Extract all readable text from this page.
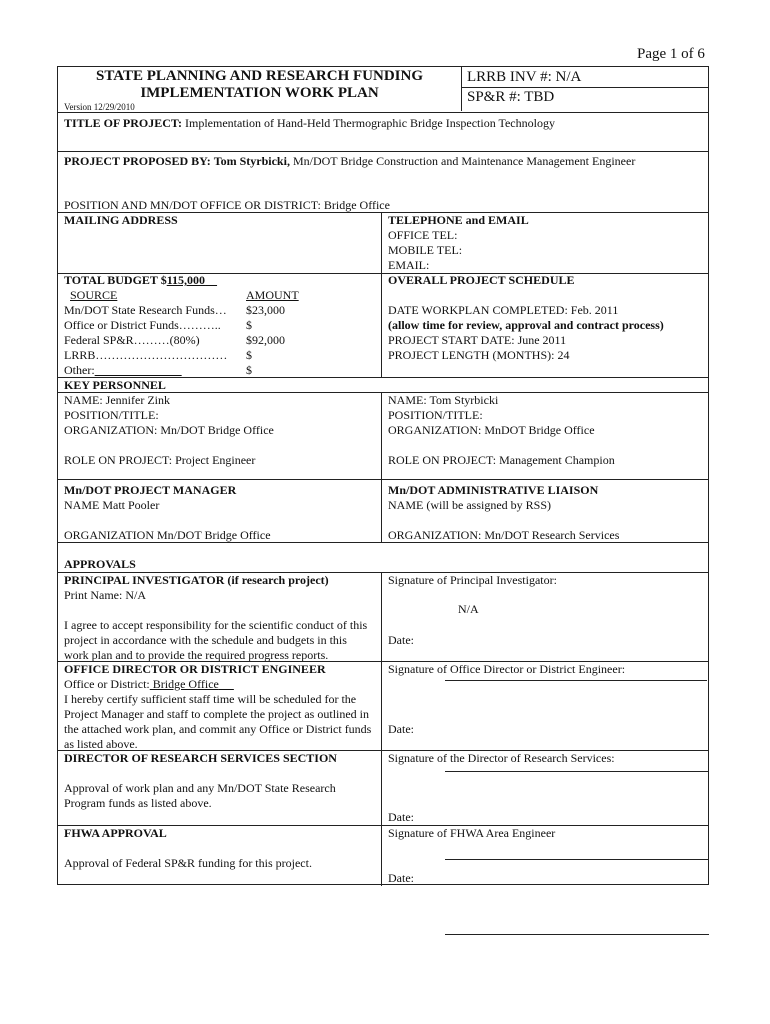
Page 1 of 6
STATE PLANNING AND RESEARCH FUNDING
IMPLEMENTATION WORK PLAN
Version 12/29/2010
LRRB INV #: N/A
SP&R #: TBD
TITLE OF PROJECT: Implementation of Hand-Held Thermographic Bridge Inspection Technology
PROJECT PROPOSED BY: Tom Styrbicki, Mn/DOT Bridge Construction and Maintenance Management Engineer
POSITION AND MN/DOT OFFICE OR DISTRICT: Bridge Office
MAILING ADDRESS	TELEPHONE and EMAIL
OFFICE TEL:
MOBILE TEL:
EMAIL:
TOTAL BUDGET $115,000
SOURCE	AMOUNT
Mn/DOT State Research Funds… $23,000
Office or District Funds……….. $
Federal SP&R………(80%)	$92,000
LRRB…………………………… $
Other:	$
OVERALL PROJECT SCHEDULE
DATE WORKPLAN COMPLETED: Feb. 2011
(allow time for review, approval and contract process)
PROJECT START DATE: June 2011
PROJECT LENGTH (MONTHS): 24
KEY PERSONNEL
NAME: Jennifer Zink
POSITION/TITLE:
ORGANIZATION: Mn/DOT Bridge Office
ROLE ON PROJECT: Project Engineer
NAME: Tom Styrbicki
POSITION/TITLE:
ORGANIZATION: MnDOT Bridge Office
ROLE ON PROJECT: Management Champion
Mn/DOT PROJECT MANAGER
NAME Matt Pooler
ORGANIZATION Mn/DOT Bridge Office
Mn/DOT ADMINISTRATIVE LIAISON
NAME (will be assigned by RSS)
ORGANIZATION: Mn/DOT Research Services
APPROVALS
PRINCIPAL INVESTIGATOR (if research project)
Print Name: N/A
I agree to accept responsibility for the scientific conduct of this project in accordance with the schedule and budgets in this work plan and to provide the required progress reports.
Signature of Principal Investigator:
N/A
Date:
OFFICE DIRECTOR OR DISTRICT ENGINEER
Office or District: Bridge Office
I hereby certify sufficient staff time will be scheduled for the Project Manager and staff to complete the project as outlined in the attached work plan, and commit any Office or District funds as listed above.
Signature of Office Director or District Engineer:
Date:
DIRECTOR OF RESEARCH SERVICES SECTION
Approval of work plan and any Mn/DOT State Research Program funds as listed above.
Signature of the Director of Research Services:
Date:
FHWA APPROVAL
Approval of Federal SP&R funding for this project.
Signature of FHWA Area Engineer
Date:
